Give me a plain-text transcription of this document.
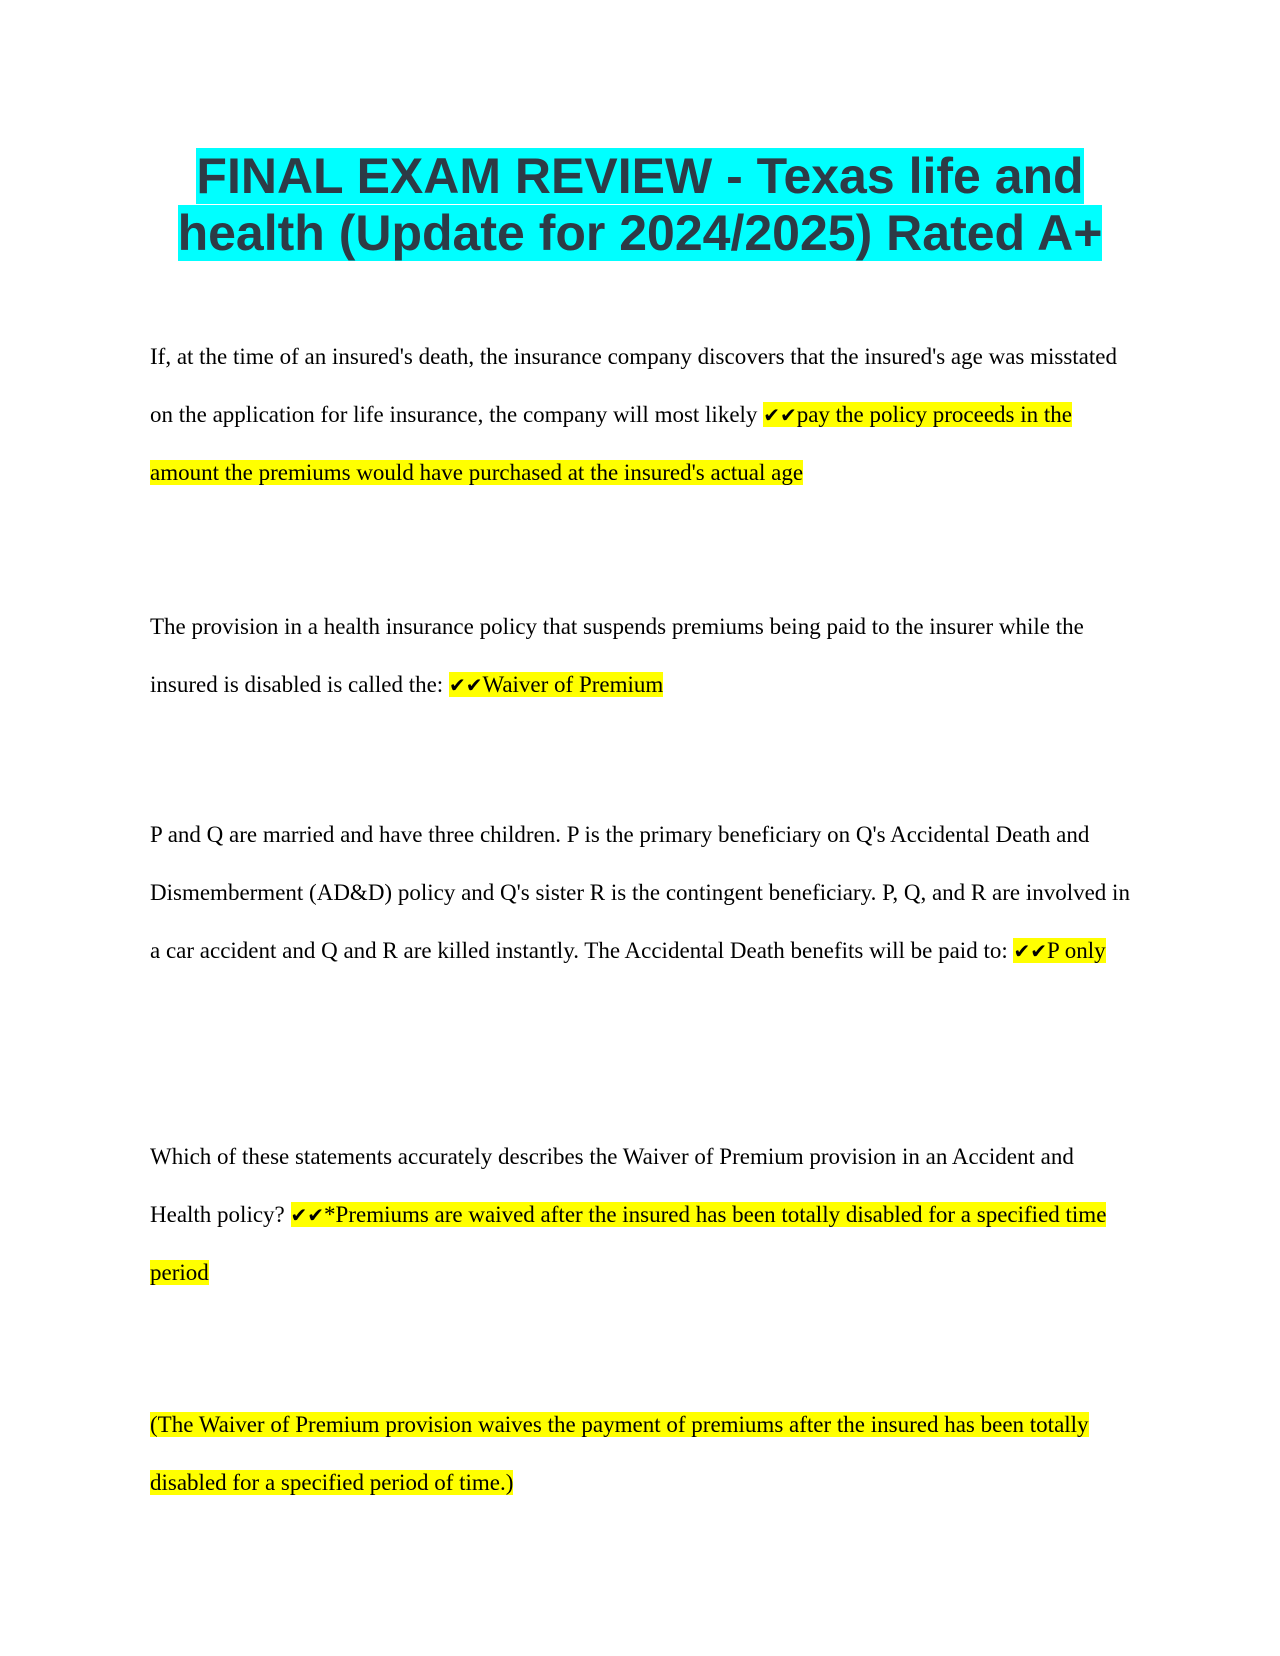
FINAL EXAM REVIEW - Texas life and health (Update for 2024/2025) Rated A+
If, at the time of an insured's death, the insurance company discovers that the insured's age was misstated on the application for life insurance, the company will most likely ✔✔pay the policy proceeds in the amount the premiums would have purchased at the insured's actual age
The provision in a health insurance policy that suspends premiums being paid to the insurer while the insured is disabled is called the: ✔✔Waiver of Premium
P and Q are married and have three children. P is the primary beneficiary on Q's Accidental Death and Dismemberment (AD&D) policy and Q's sister R is the contingent beneficiary. P, Q, and R are involved in a car accident and Q and R are killed instantly. The Accidental Death benefits will be paid to: ✔✔P only
Which of these statements accurately describes the Waiver of Premium provision in an Accident and Health policy? ✔✔*Premiums are waived after the insured has been totally disabled for a specified time period
(The Waiver of Premium provision waives the payment of premiums after the insured has been totally disabled for a specified period of time.)
